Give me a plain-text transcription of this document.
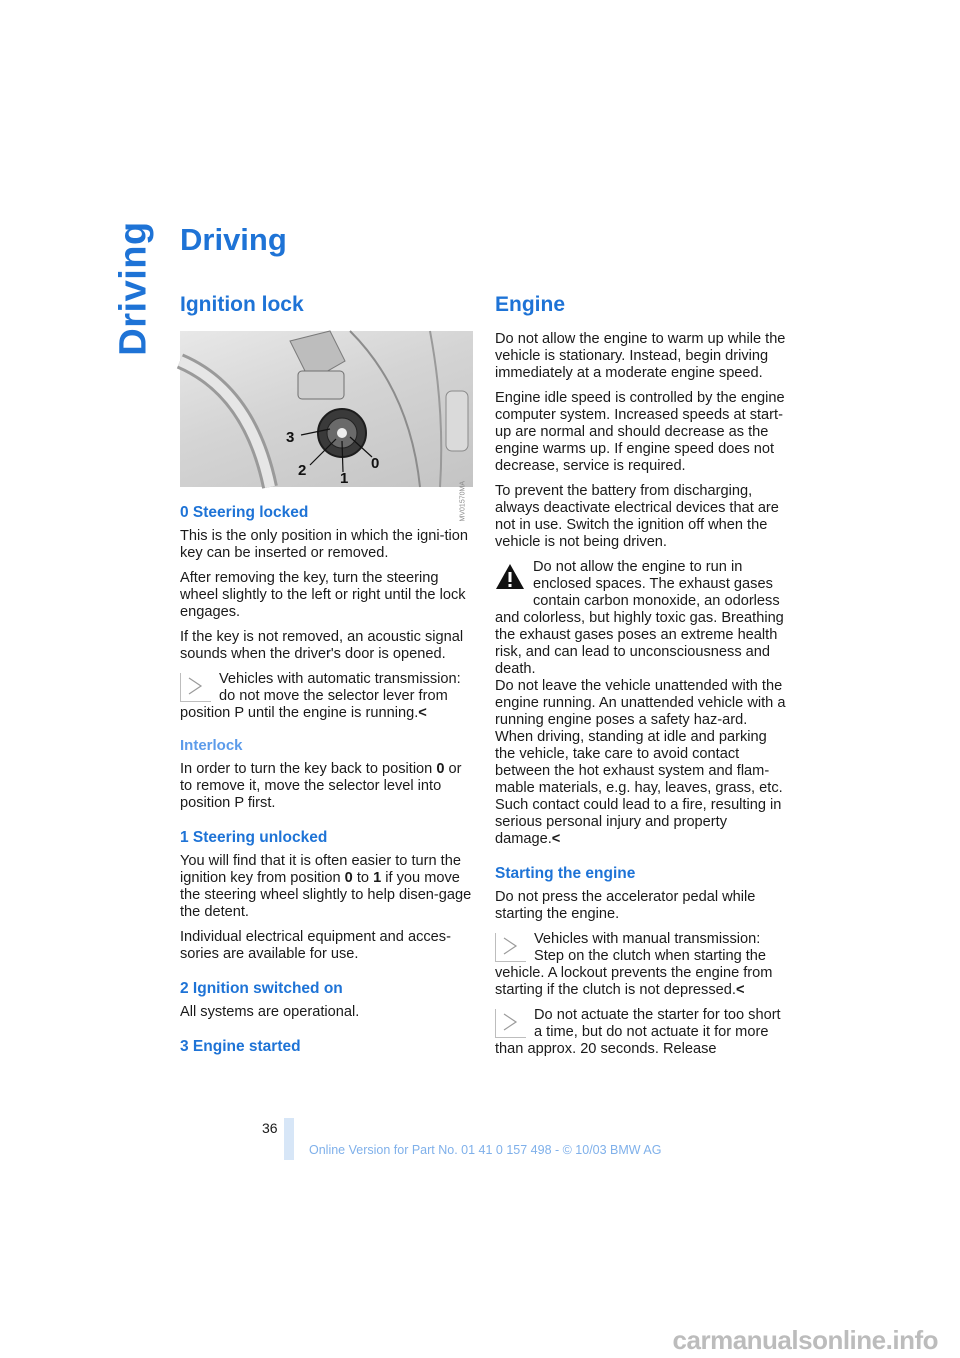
Driving Driving
Ignition lock
3
2 1
0
MV01570MA
0 Steering locked

This is the only position in which the igni-tion key can be inserted or removed.

After removing the key, turn the steering wheel slightly to the left or right until the lock engages.

If the key is not removed, an acoustic signal sounds when the driver's door is opened.

Vehicles with automatic transmission: do not move the selector lever from position P until the engine is running.<
Interlock

In order to turn the key back to position 0 or to remove it, move the selector level into position P first.

1 Steering unlocked

You will find that it is often easier to turn the ignition key from position 0 to 1 if you move the steering wheel slightly to help disen-gage the detent.

Individual electrical equipment and acces-sories are available for use.

2 Ignition switched on

All systems are operational.

3 Engine started
Engine

Do not allow the engine to warm up while the vehicle is stationary. Instead, begin driving immediately at a moderate engine speed.

Engine idle speed is controlled by the engine computer system. Increased speeds at start-up are normal and should decrease as the engine warms up. If engine speed does not decrease, service is required.

To prevent the battery from discharging, always deactivate electrical devices that are not in use. Switch the ignition off when the vehicle is not being driven.

Do not allow the engine to run in enclosed spaces. The exhaust gases contain carbon monoxide, an odorless and colorless, but highly toxic gas. Breathing the exhaust gases poses an extreme health risk, and can lead to unconsciousness and death.
Do not leave the vehicle unattended with the engine running. An unattended vehicle with a running engine poses a safety haz-ard.
When driving, standing at idle and parking the vehicle, take care to avoid contact between the hot exhaust system and flam-mable materials, e.g. hay, leaves, grass, etc. Such contact could lead to a fire, resulting in serious personal injury and property damage.<
Starting the engine

Do not press the accelerator pedal while starting the engine.

Vehicles with manual transmission: Step on the clutch when starting the vehicle. A lockout prevents the engine from starting if the clutch is not depressed.<
Do not actuate the starter for too short a time, but do not actuate it for more than approx. 20 seconds. Release
36
Online Version for Part No. 01 41 0 157 498 - © 10/03 BMW AG
carmanualsonline.info
